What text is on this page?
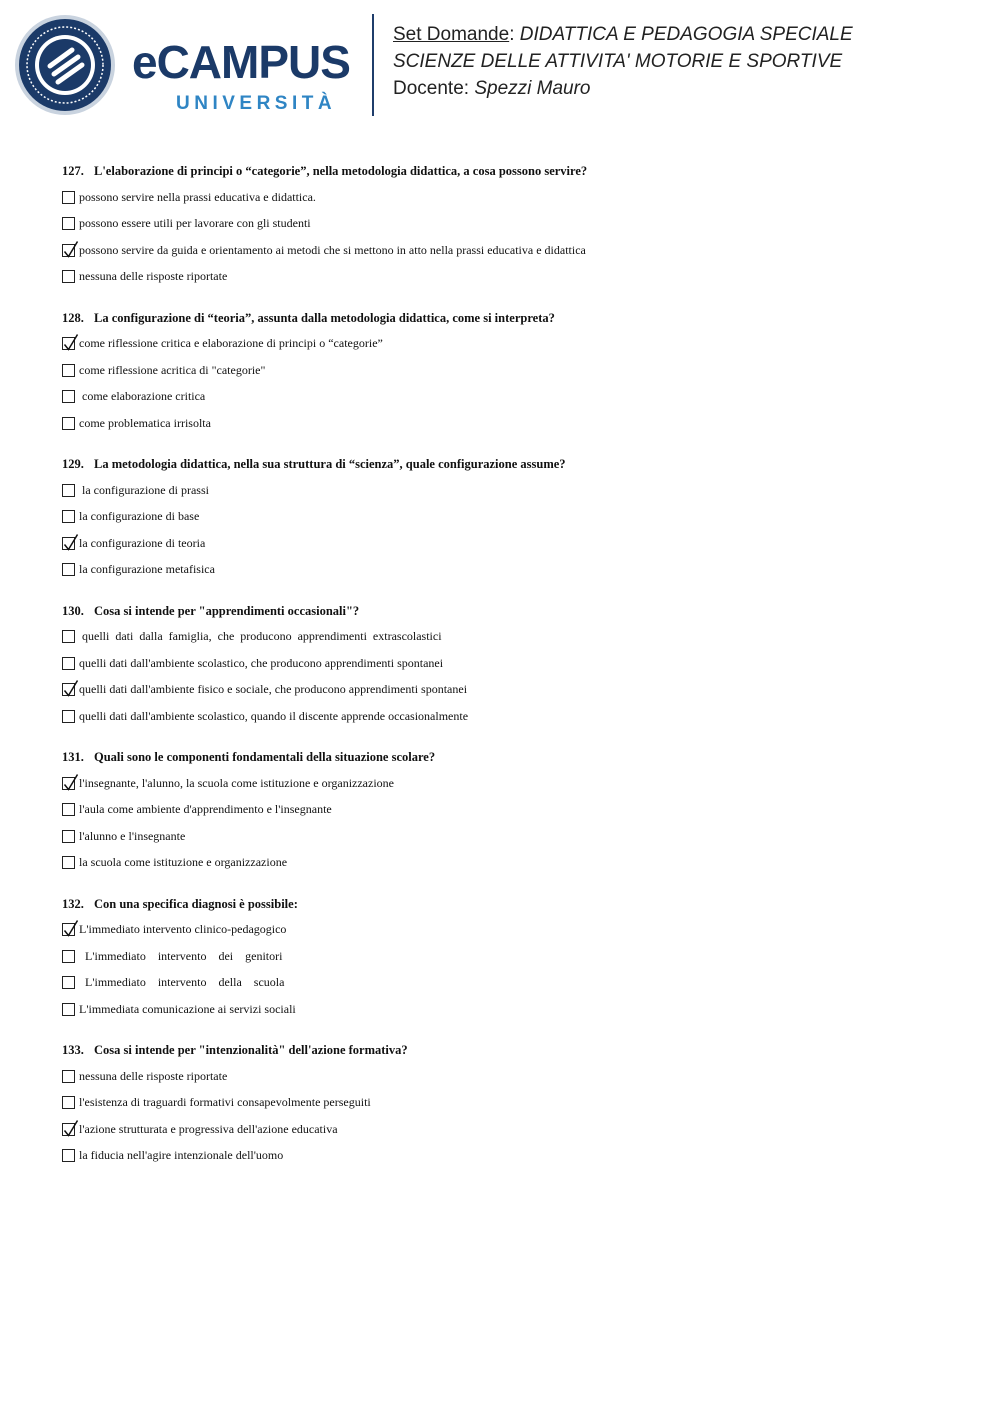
eCAMPUS
UNIVERSITÀ
Set Domande: DIDATTICA E PEDAGOGIA SPECIALE
SCIENZE DELLE ATTIVITA' MOTORIE E SPORTIVE
Docente: Spezzi Mauro
127. L'elaborazione di principi o “categorie”, nella metodologia didattica, a cosa possono servire?
possono servire nella prassi educativa e didattica.
possono essere utili per lavorare con gli studenti
possono servire da guida e orientamento ai metodi che si mettono in atto nella prassi educativa e didattica
nessuna delle risposte riportate
128. La configurazione di “teoria”, assunta dalla metodologia didattica, come si interpreta?
come riflessione critica e elaborazione di principi o “categorie”
come riflessione acritica di "categorie"
come elaborazione critica
come problematica irrisolta
129. La metodologia didattica, nella sua struttura di “scienza”, quale configurazione assume?
la configurazione di prassi
la configurazione di base
la configurazione di teoria
la configurazione metafisica
130. Cosa si intende per "apprendimenti occasionali"?
quelli  dati  dalla  famiglia,  che  producono  apprendimenti  extrascolastici
quelli dati dall'ambiente scolastico, che producono apprendimenti spontanei
quelli dati dall'ambiente fisico e sociale, che producono apprendimenti spontanei
quelli dati dall'ambiente scolastico, quando il discente apprende occasionalmente
131. Quali sono le componenti fondamentali della situazione scolare?
l'insegnante, l'alunno, la scuola come istituzione e organizzazione
l'aula come ambiente d'apprendimento e l'insegnante
l'alunno e l'insegnante
la scuola come istituzione e organizzazione
132. Con una specifica diagnosi è possibile:
L'immediato intervento clinico-pedagogico
L'immediato    intervento    dei    genitori
L'immediato    intervento    della    scuola
L'immediata comunicazione ai servizi sociali
133. Cosa si intende per "intenzionalità" dell'azione formativa?
nessuna delle risposte riportate
l'esistenza di traguardi formativi consapevolmente perseguiti
l'azione strutturata e progressiva dell'azione educativa
la fiducia nell'agire intenzionale dell'uomo
